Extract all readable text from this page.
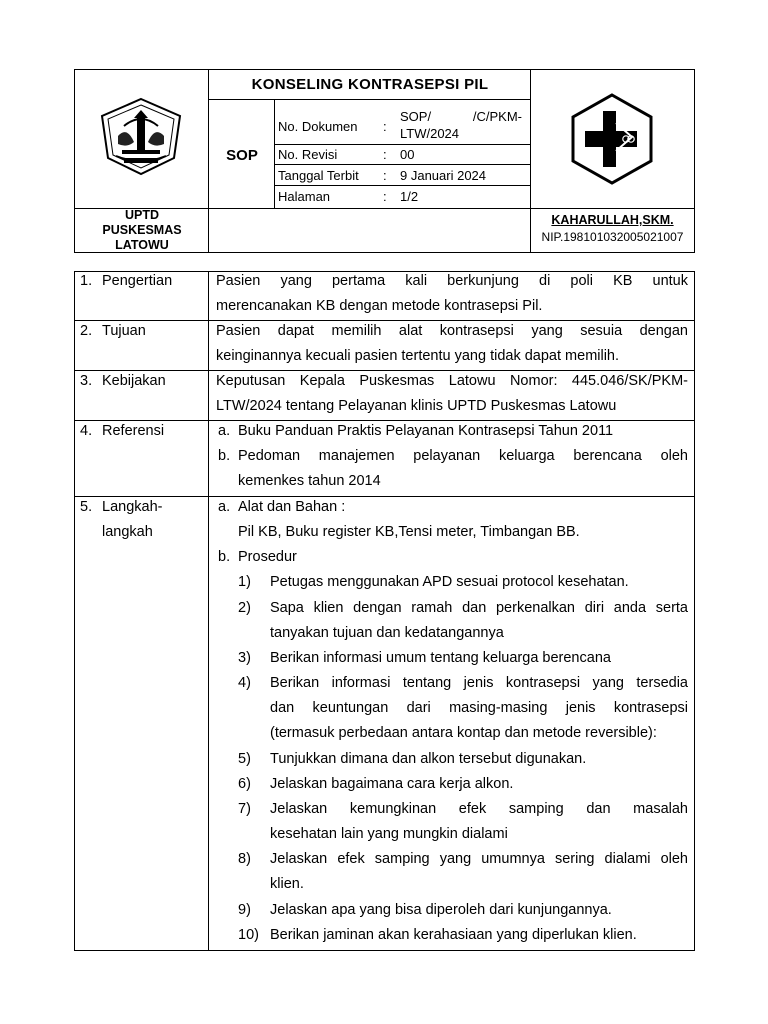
KONSELING KONTRASEPSI PIL
SOP
No. Dokumen :
SOP/	/C/PKM-
LTW/2024
No. Revisi	: 00
Tanggal Terbit : 9 Januari 2024
Halaman	: 1/2
UPTD
PUSKESMAS
LATOWU
KAHARULLAH,SKM.
NIP.198101032005021007
1. Pengertian	Pasien yang pertama kali berkunjung di poli KB untuk
merencanakan KB dengan metode kontrasepsi Pil.
2. Tujuan	Pasien dapat memilih alat kontrasepsi yang sesuia dengan
keinginannya kecuali pasien tertentu yang tidak dapat memilih.
3. Kebijakan	Keputusan Kepala Puskesmas Latowu Nomor: 445.046/SK/PKM-
LTW/2024 tentang Pelayanan klinis UPTD Puskesmas Latowu
4. Referensi	a. Buku Panduan Praktis Pelayanan Kontrasepsi Tahun 2011
b. Pedoman manajemen pelayanan keluarga berencana oleh
kemenkes tahun 2014
5. Langkah-
langkah
a. Alat dan Bahan :
Pil KB, Buku register KB,Tensi meter, Timbangan BB.
b. Prosedur
1) Petugas menggunakan APD sesuai protocol kesehatan.
2) Sapa klien dengan ramah dan perkenalkan diri anda serta
tanyakan tujuan dan kedatangannya
3) Berikan informasi umum tentang keluarga berencana
4) Berikan informasi tentang jenis kontrasepsi yang tersedia
dan keuntungan dari masing-masing jenis kontrasepsi
(termasuk perbedaan antara kontap dan metode reversible):
5) Tunjukkan dimana dan alkon tersebut digunakan.
6) Jelaskan bagaimana cara kerja alkon.
7) Jelaskan kemungkinan efek samping dan masalah
kesehatan lain yang mungkin dialami
8) Jelaskan efek samping yang umumnya sering dialami oleh
klien.
9) Jelaskan apa yang bisa diperoleh dari kunjungannya.
10) Berikan jaminan akan kerahasiaan yang diperlukan klien.
